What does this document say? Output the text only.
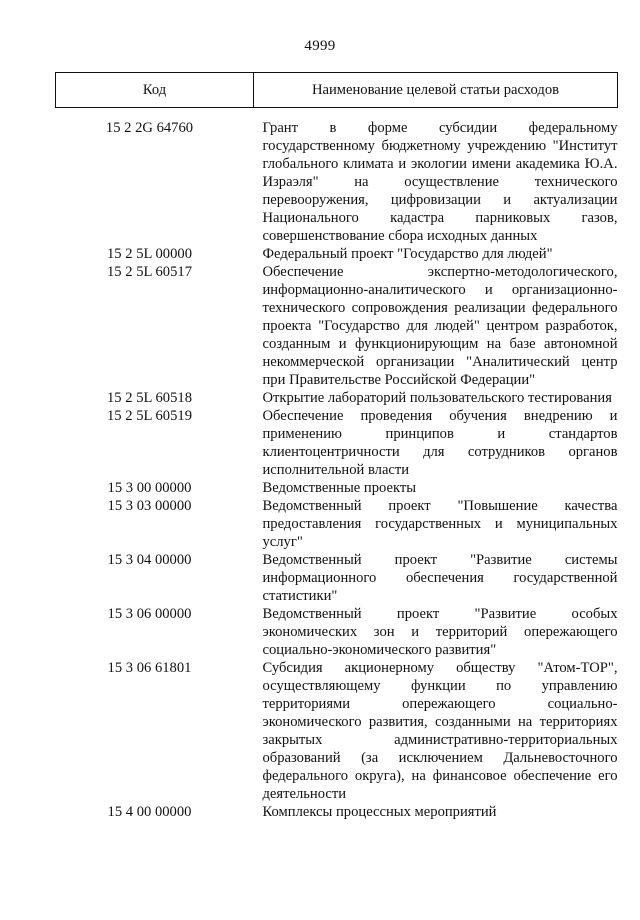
4999
Код	Наименование целевой статьи расходов

15 2 2G 64760	Грант в форме субсидии федеральному государственному бюджетному учреждению "Институт глобального климата и экологии имени академика Ю.А. Израэля" на осуществление технического перевооружения, цифровизации и актуализации Национального кадастра парниковых газов, совершенствование сбора исходных данных
15 2 5L 00000	Федеральный проект "Государство для людей"
15 2 5L 60517	Обеспечение экспертно-методологического, информационно-аналитического и организационно-технического сопровождения реализации федерального проекта "Государство для людей" центром разработок, созданным и функционирующим на базе автономной некоммерческой организации "Аналитический центр при Правительстве Российской Федерации"
15 2 5L 60518	Открытие лабораторий пользовательского тестирования
15 2 5L 60519	Обеспечение проведения обучения внедрению и применению принципов и стандартов клиентоцентричности для сотрудников органов исполнительной власти
15 3 00 00000	Ведомственные проекты
15 3 03 00000	Ведомственный проект "Повышение качества предоставления государственных и муниципальных услуг"
15 3 04 00000	Ведомственный проект "Развитие системы информационного обеспечения государственной статистики"
15 3 06 00000	Ведомственный проект "Развитие особых экономических зон и территорий опережающего социально-экономического развития"
15 3 06 61801	Субсидия акционерному обществу "Атом-ТОР", осуществляющему функции по управлению территориями опережающего социально-экономического развития, созданными на территориях закрытых административно-территориальных образований (за исключением Дальневосточного федерального округа), на финансовое обеспечение его деятельности
15 4 00 00000	Комплексы процессных мероприятий
